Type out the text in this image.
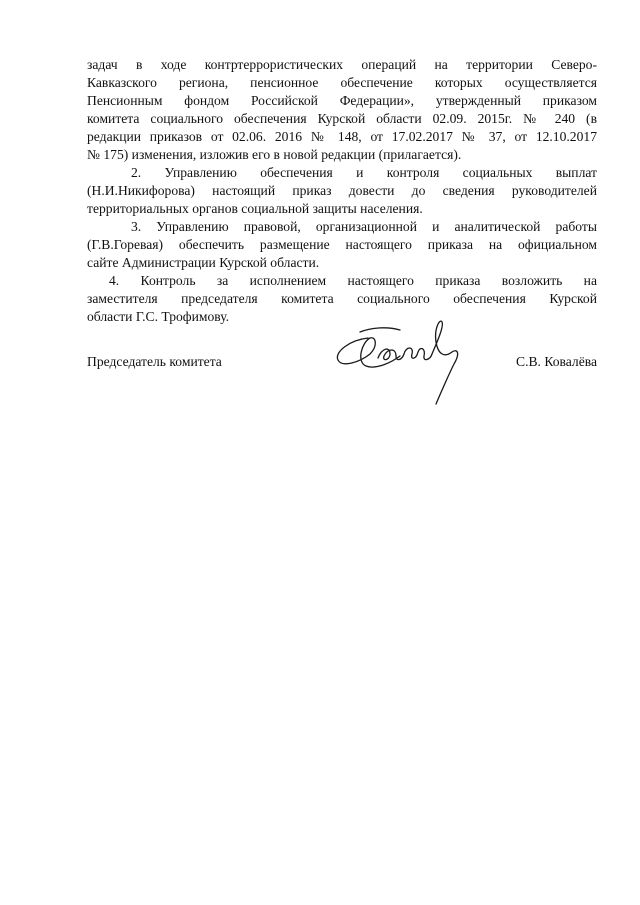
задач в ходе контртеррористических операций на территории Северо-
Кавказского региона, пенсионное обеспечение которых осуществляется
Пенсионным фондом Российской Федерации», утвержденный приказом
комитета социального обеспечения Курской области 02.09. 2015г. № 240 (в
редакции приказов от 02.06. 2016 № 148, от 17.02.2017 № 37, от 12.10.2017
№ 175) изменения, изложив его в новой редакции (прилагается).

2. Управлению обеспечения и контроля социальных выплат
(Н.И.Никифорова) настоящий приказ довести до сведения руководителей
территориальных органов социальной защиты населения.

3. Управлению правовой, организационной и аналитической работы
(Г.В.Горевая) обеспечить размещение настоящего приказа на официальном
сайте Администрации Курской области.

4. Контроль за исполнением настоящего приказа возложить на
заместителя председателя комитета социального обеспечения Курской
области Г.С. Трофимову.

Председатель комитета	С.В. Ковалёва
